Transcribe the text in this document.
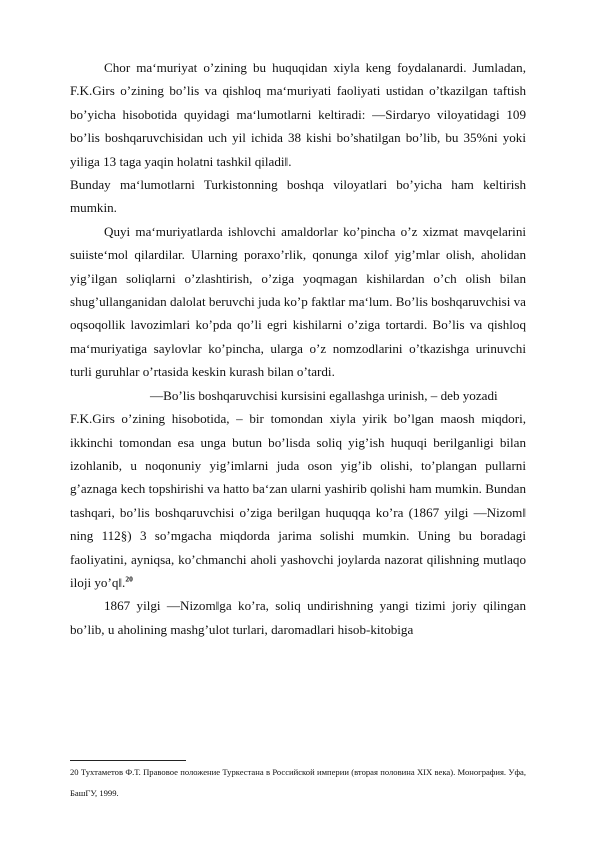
Chor ma‘muriyat o’zining bu huquqidan xiyla keng foydalanardi. Jumladan, F.K.Girs o’zining bo’lis va qishloq ma‘muriyati faoliyati ustidan o’tkazilgan taftish bo’yicha hisobotida quyidagi ma‘lumotlarni keltiradi: ―Sirdaryo viloyatidagi 109 bo’lis boshqaruvchisidan uch yil ichida 38 kishi bo’shatilgan bo’lib, bu 35%ni yoki yiliga 13 taga yaqin holatni tashkil qiladi‖.

Bunday ma‘lumotlarni Turkistonning boshqa viloyatlari bo’yicha ham keltirish mumkin.

Quyi ma‘muriyatlarda ishlovchi amaldorlar ko’pincha o’z xizmat mavqelarini suiiste‘mol qilardilar. Ularning poraxo’rlik, qonunga xilof yig’mlar olish, aholidan yig’ilgan soliqlarni o’zlashtirish, o’ziga yoqmagan kishilardan o’ch olish bilan shug’ullanganidan dalolat beruvchi juda ko’p faktlar ma‘lum. Bo’lis boshqaruvchisi va oqsoqollik lavozimlari ko’pda qo’li egri kishilarni o’ziga tortardi. Bo’lis va qishloq ma‘muriyatiga saylovlar ko’pincha, ularga o’z nomzodlarini o’tkazishga urinuvchi turli guruhlar o’rtasida keskin kurash bilan o’tardi.

―Bo’lis boshqaruvchisi kursisini egallashga urinish, – deb yozadi

F.K.Girs o’zining hisobotida, – bir tomondan xiyla yirik bo’lgan maosh miqdori, ikkinchi tomondan esa unga butun bo’lisda soliq yig’ish huquqi berilganligi bilan izohlanib, u noqonuniy yig’imlarni juda oson yig’ib olishi, to’plangan pullarni g’aznaga kech topshirishi va hatto ba‘zan ularni yashirib qolishi ham mumkin. Bundan tashqari, bo’lis boshqaruvchisi o’ziga berilgan huquqqa ko’ra (1867 yilgi ―Nizom‖ ning 112§) 3 so’mgacha miqdorda jarima solishi mumkin. Uning bu boradagi faoliyatini, ayniqsa, ko’chmanchi aholi yashovchi joylarda nazorat qilishning mutlaqo iloji yo’q‖.$^{20}$

1867 yilgi ―Nizom‖ga ko’ra, soliq undirishning yangi tizimi joriy qilingan bo’lib, u aholining mashg’ulot turlari, daromadlari hisob-kitobiga

20 Тухтаметов Ф.Т. Правовое положение Туркестана в Российской империи (вторая половина XIX века). Монография. Уфа, БашГУ, 1999.
